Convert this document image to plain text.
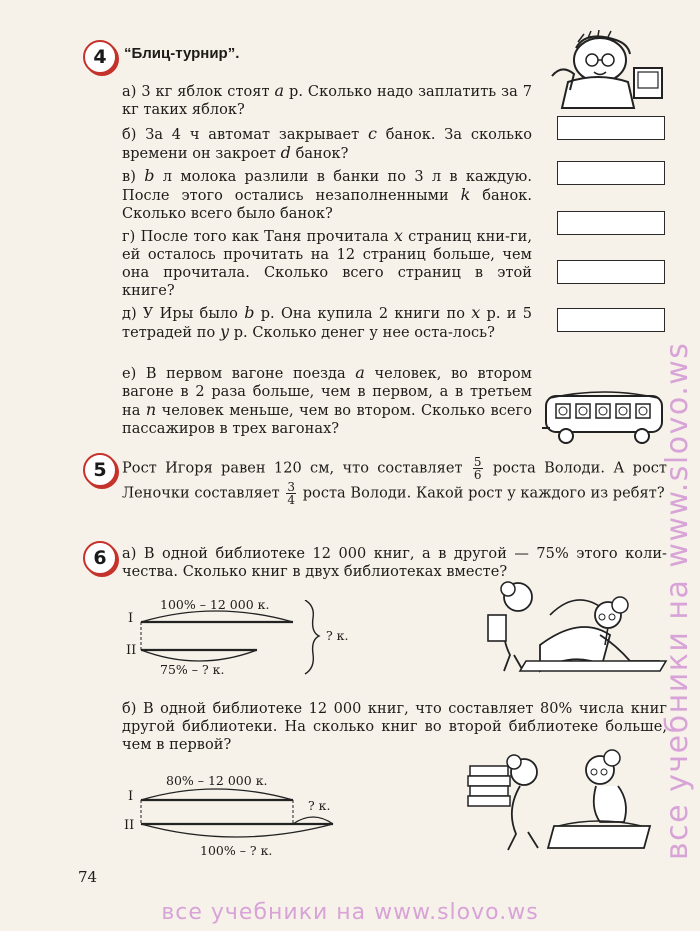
4	“Блиц-турнир”.
а) 3 кг яблок стоят a р. Сколько надо заплатить за 7 кг таких яблок?
б) За 4 ч автомат закрывает c банок. За сколько времени он закроет d банок?
в) b л молока разлили в банки по 3 л в каждую. После этого остались незаполненными k банок. Сколько всего было банок?
г) После того как Таня прочитала x страниц кни-ги, ей осталось прочитать на 12 страниц больше, чем она прочитала. Сколько всего страниц в этой книге?
д) У Иры было b р. Она купила 2 книги по x р. и 5 тетрадей по y р. Сколько денег у нее оста-лось?
е) В первом вагоне поезда a человек, во втором вагоне в 2 раза больше, чем в первом, а в третьем на n человек меньше, чем во втором. Сколько всего пассажиров в трех вагонах?
5	Рост Игоря равен 120 см, что составляет $\frac{5}{6}$ роста Володи. А рост Леночки составляет $\frac{3}{4}$ роста Володи. Какой рост у каждого из ребят?
6	а) В одной библиотеке 12 000 книг, а в другой — 75% этого коли-чества. Сколько книг в двух библиотеках вместе?
100% – 12 000 к.
I
II
75% – ? к.
? к.
б) В одной библиотеке 12 000 книг, что составляет 80% числа книг другой библиотеки. На сколько книг во второй библиотеке больше, чем в первой?
80% – 12 000 к.
I
II
? к.
100% – ? к.
74
все учебники на www.slovo.ws
все учебники на www.slovo.ws
